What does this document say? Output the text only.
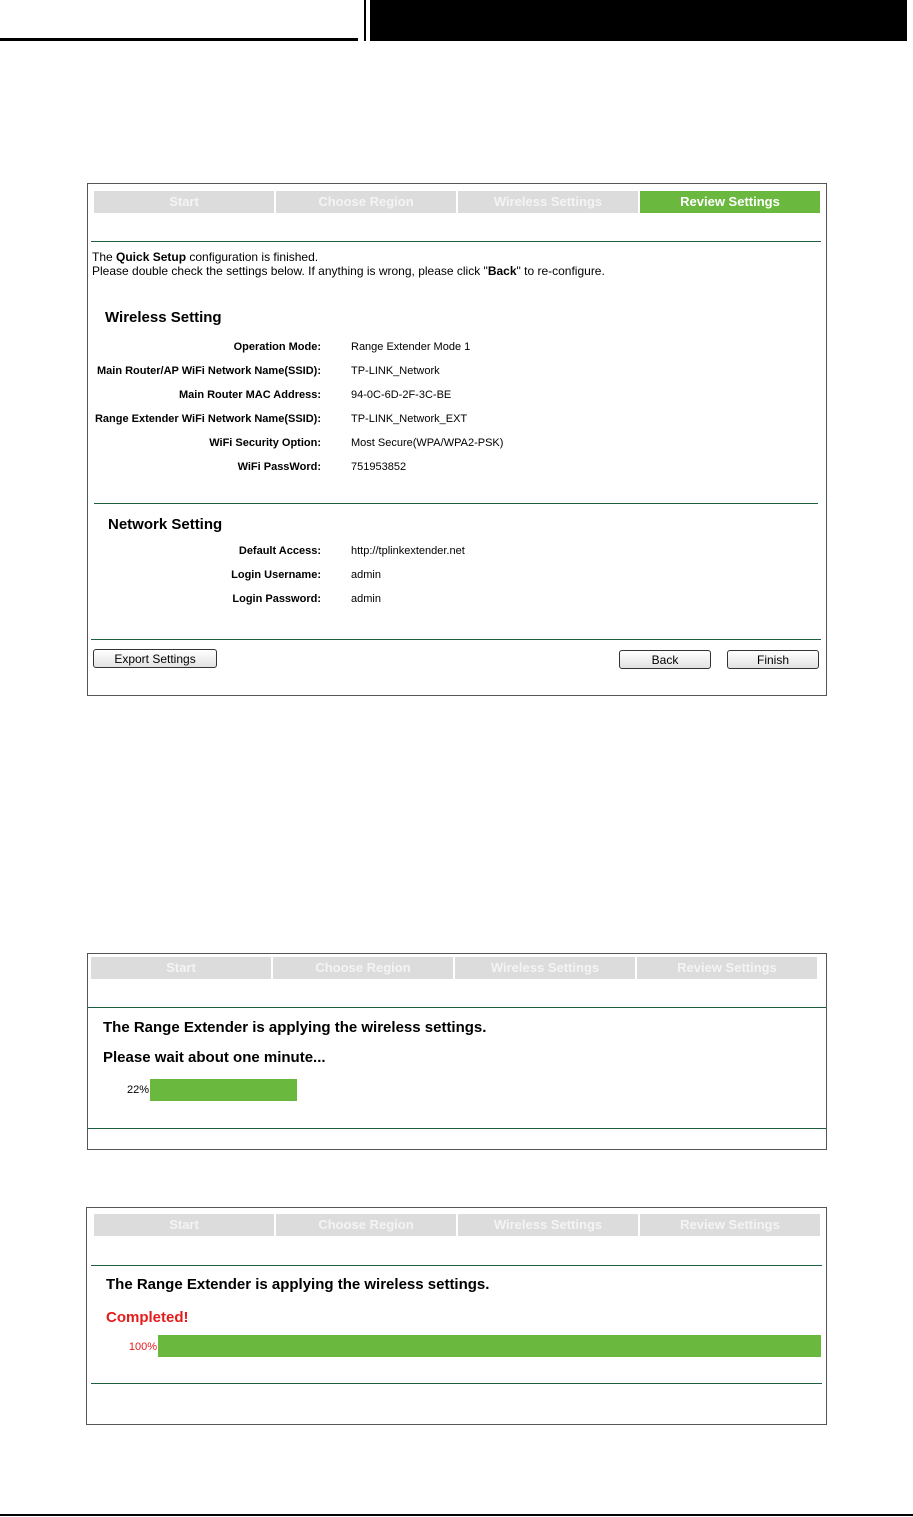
Start	Choose Region	Wireless Settings	Review Settings
The Quick Setup configuration is finished.
Please double check the settings below. If anything is wrong, please click "Back" to re-configure.
Wireless Setting
Operation Mode:	Range Extender Mode 1
Main Router/AP WiFi Network Name(SSID):	TP-LINK_Network
Main Router MAC Address:	94-0C-6D-2F-3C-BE
Range Extender WiFi Network Name(SSID):	TP-LINK_Network_EXT
WiFi Security Option:	Most Secure(WPA/WPA2-PSK)
WiFi PassWord:	751953852
Network Setting
Default Access:	http://tplinkextender.net
Login Username:	admin
Login Password:	admin
Export Settings	Back	Finish
Start	Choose Region	Wireless Settings	Review Settings
The Range Extender is applying the wireless settings.
Please wait about one minute...
22%
Start	Choose Region	Wireless Settings	Review Settings
The Range Extender is applying the wireless settings.
Completed!
100%
